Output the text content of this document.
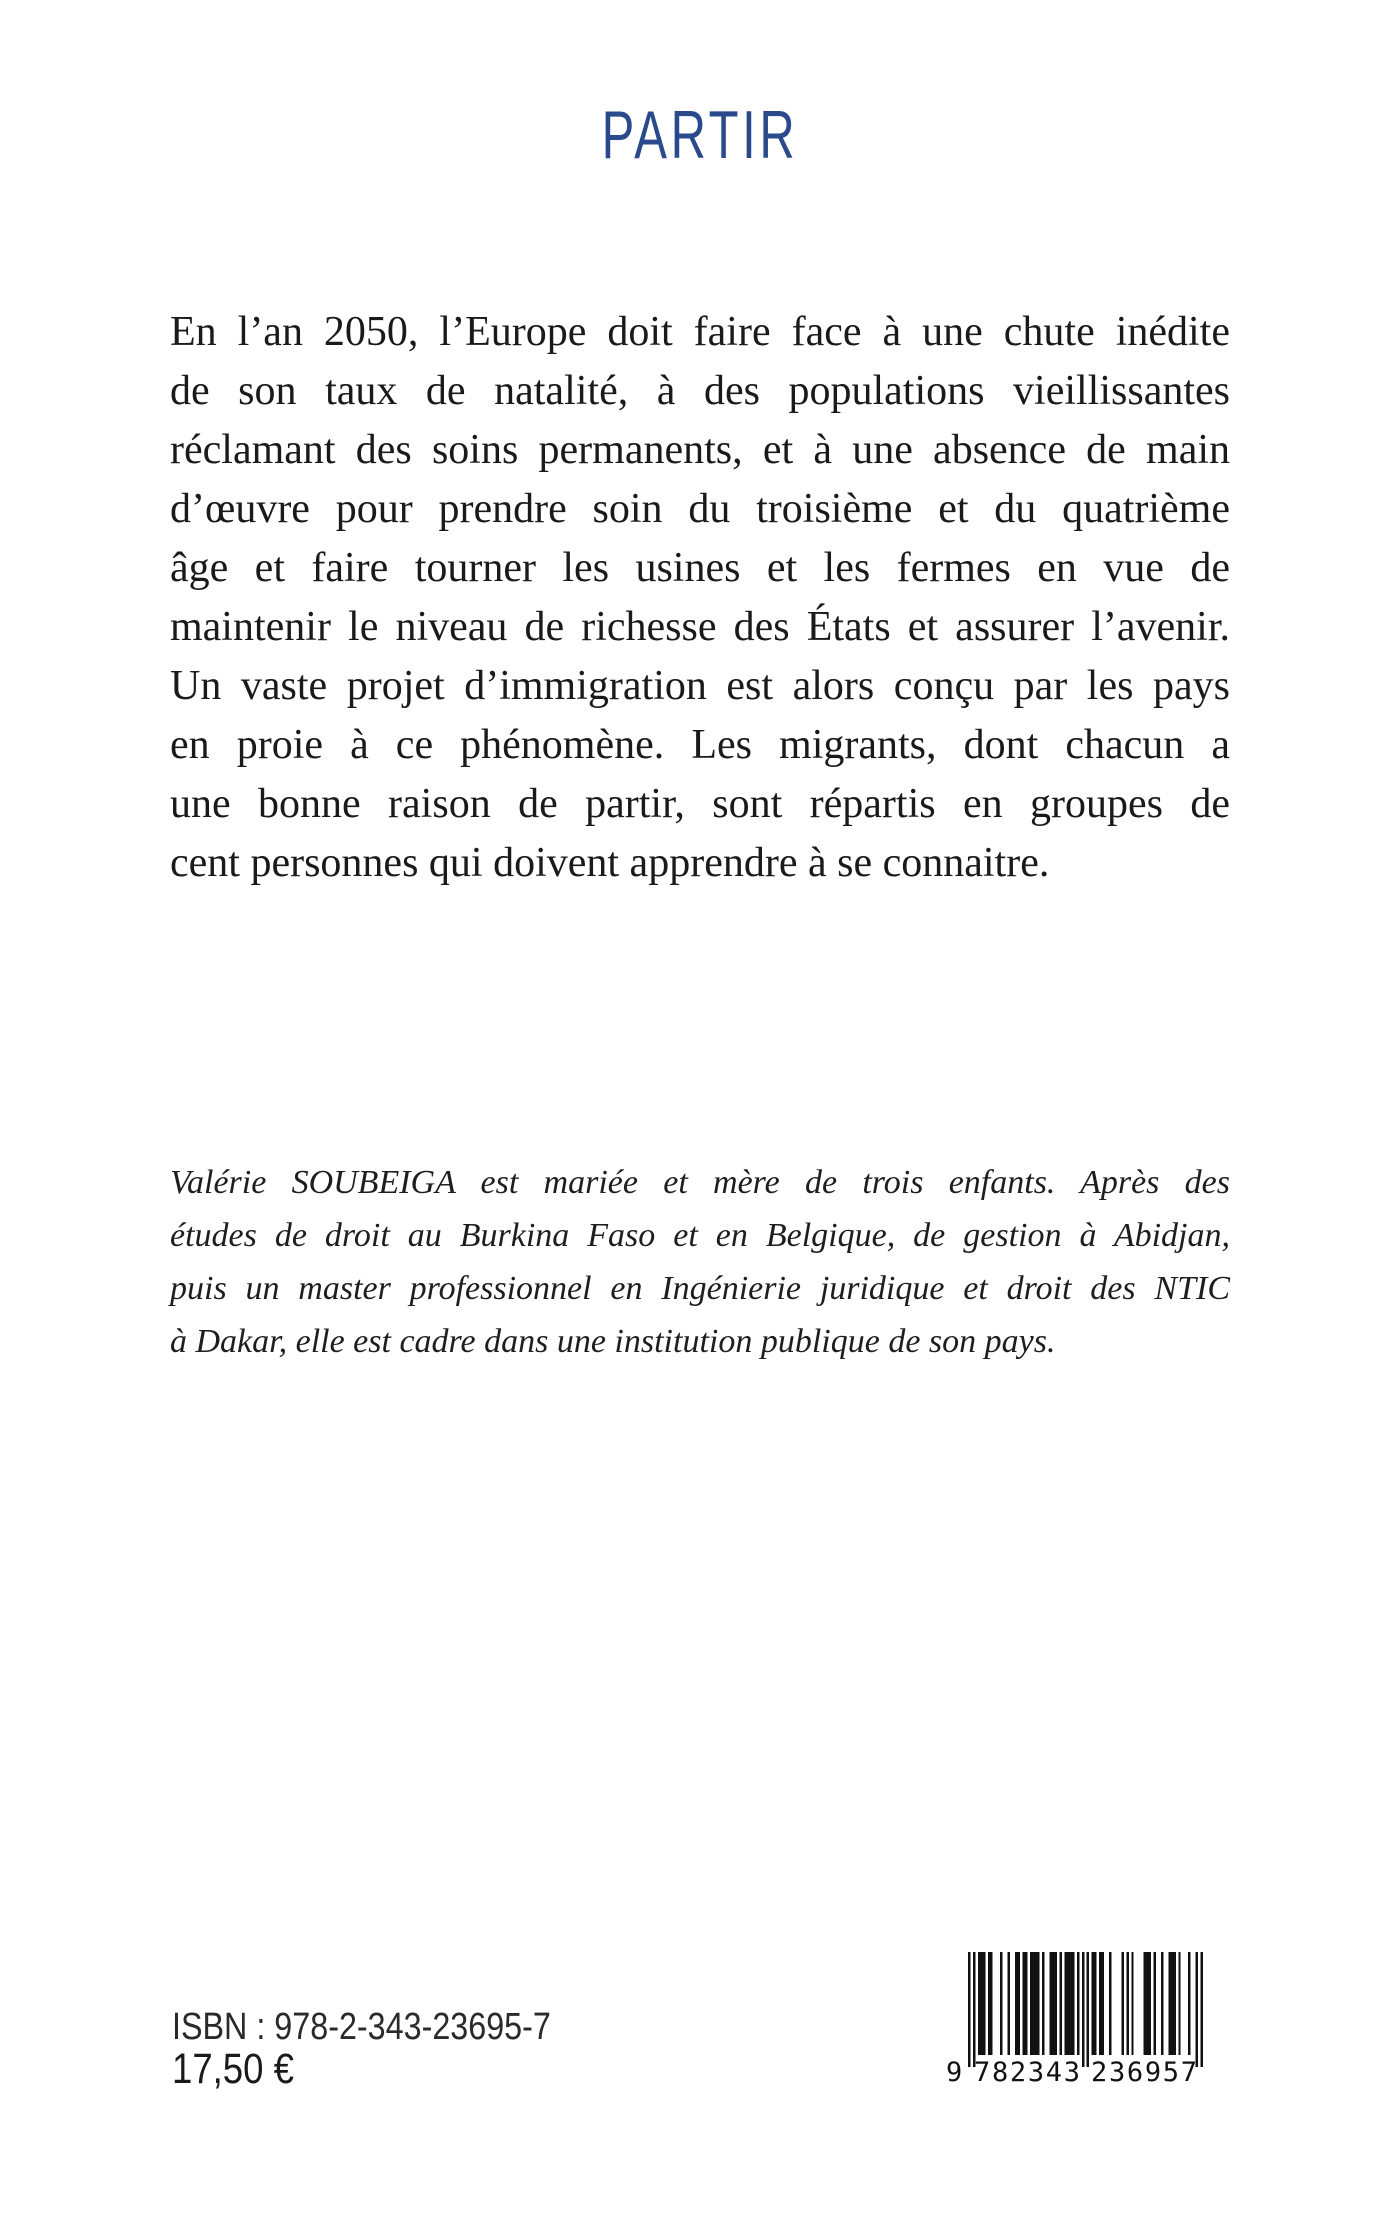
PARTIR
En l’an 2050, l’Europe doit faire face à une chute inédite
de son taux de natalité, à des populations vieillissantes
réclamant des soins permanents, et à une absence de main
d’œuvre pour prendre soin du troisième et du quatrième
âge et faire tourner les usines et les fermes en vue de
maintenir le niveau de richesse des États et assurer l’avenir.
Un vaste projet d’immigration est alors conçu par les pays
en proie à ce phénomène. Les migrants, dont chacun a
une bonne raison de partir, sont répartis en groupes de
cent personnes qui doivent apprendre à se connaitre.
Valérie SOUBEIGA est mariée et mère de trois enfants. Après des
études de droit au Burkina Faso et en Belgique, de gestion à Abidjan,
puis un master professionnel en Ingénierie juridique et droit des NTIC
à Dakar, elle est cadre dans une institution publique de son pays.
ISBN : 978-2-343-23695-7
17,50 €	9 7 8 2 3 4 3 2 3 6 9 5 7
